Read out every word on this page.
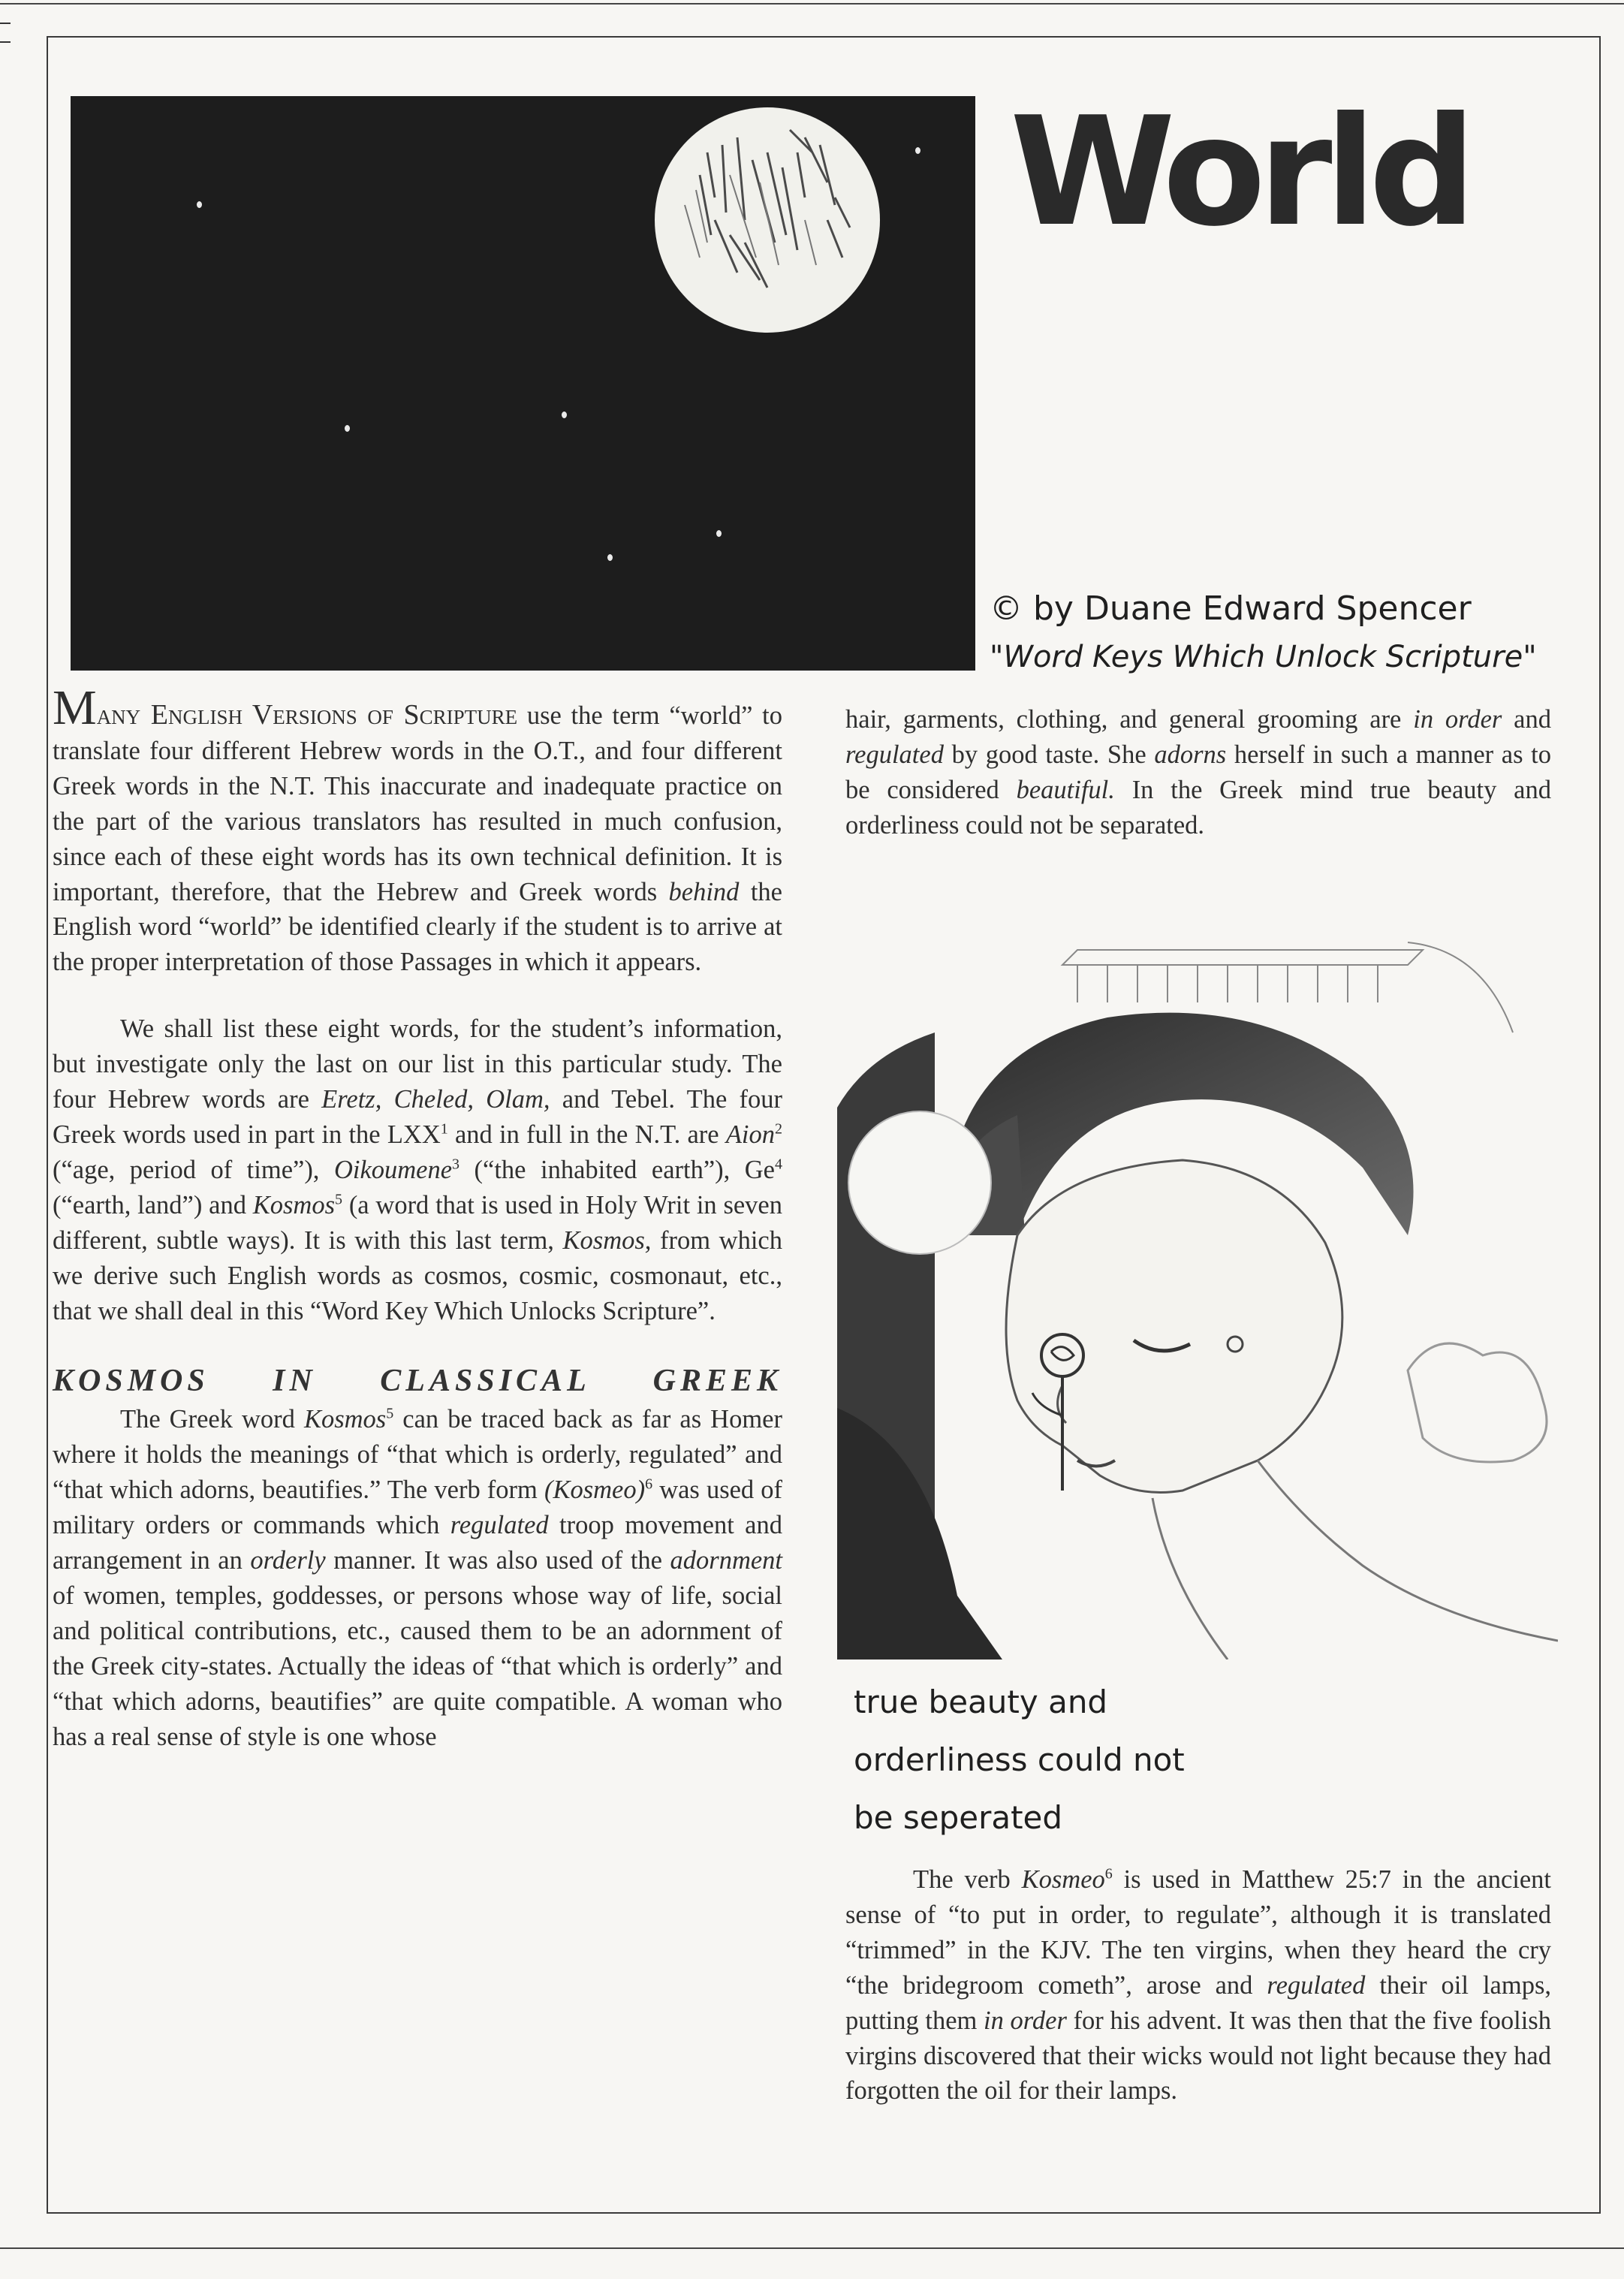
World

© by Duane Edward Spencer

"Word Keys Which Unlock Scripture"

Many English Versions of Scripture use the term “world” to translate four different Hebrew words in the O.T., and four different Greek words in the N.T. This inaccurate and inadequate practice on the part of the various translators has resulted in much confusion, since each of these eight words has its own technical definition. It is important, therefore, that the Hebrew and Greek words behind the English word “world” be identified clearly if the student is to arrive at the proper interpretation of those Passages in which it appears.

We shall list these eight words, for the student’s information, but investigate only the last on our list in this particular study. The four Hebrew words are Eretz, Cheled, Olam, and Tebel. The four Greek words used in part in the LXX$^1$ and in full in the N.T. are Aion$^2$ (“age, period of time”), Oikoumene$^3$ (“the inhabited earth”), Ge$^4$ (“earth, land”) and Kosmos$^5$ (a word that is used in Holy Writ in seven different, subtle ways). It is with this last term, Kosmos, from which we derive such English words as cosmos, cosmic, cosmonaut, etc., that we shall deal in this “Word Key Which Unlocks Scripture”.

KOSMOS IN CLASSICAL GREEK

The Greek word Kosmos$^5$ can be traced back as far as Homer where it holds the meanings of “that which is orderly, regulated” and “that which adorns, beautifies.” The verb form (Kosmeo)$^6$ was used of military orders or commands which regulated troop movement and arrangement in an orderly manner. It was also used of the adornment of women, temples, goddesses, or persons whose way of life, social and political contributions, etc., caused them to be an adornment of the Greek city-states. Actually the ideas of “that which is orderly” and “that which adorns, beautifies” are quite compatible. A woman who has a real sense of style is one whose

hair, garments, clothing, and general grooming are in order and regulated by good taste. She adorns herself in such a manner as to be considered beautiful. In the Greek mind true beauty and orderliness could not be separated.

true beauty and
orderliness could not
be seperated

The verb Kosmeo$^6$ is used in Matthew 25:7 in the ancient sense of “to put in order, to regulate”, although it is translated “trimmed” in the KJV. The ten virgins, when they heard the cry “the bridegroom cometh”, arose and regulated their oil lamps, putting them in order for his advent. It was then that the five foolish virgins discovered that their wicks would not light because they had forgotten the oil for their lamps.
